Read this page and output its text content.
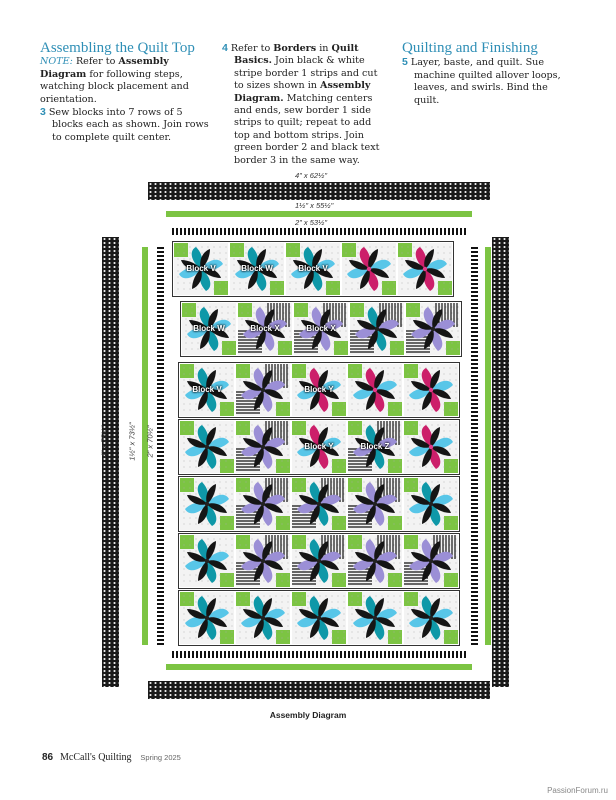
Assembling the Quilt Top

NOTE: Refer to Assembly Diagram for following steps, watching block placement and orientation.

3 Sew blocks into 7 rows of 5 blocks each as shown. Join rows to complete quilt center.

4 Refer to Borders in Quilt Basics. Join black & white stripe border 1 strips and cut to sizes shown in Assembly Diagram. Matching centers and ends, sew border 1 side strips to quilt; repeat to add top and bottom strips. Join green border 2 and black text border 3 in the same way.

Quilting and Finishing

5 Layer, baste, and quilt. Sue machine quilted allover loops, leaves, and swirls. Bind the quilt.

4" x 62½"
1½" x 55½"
2" x 53½"
4" x 75½"	1½" x 73½" 2" x 70½"
Block V	Block W	Block V
Block W	Block X	Block X
Block V	Block Y
Block Y	Block Z
Assembly Diagram
86 McCall's Quilting Spring 2025
PassionForum.ru
